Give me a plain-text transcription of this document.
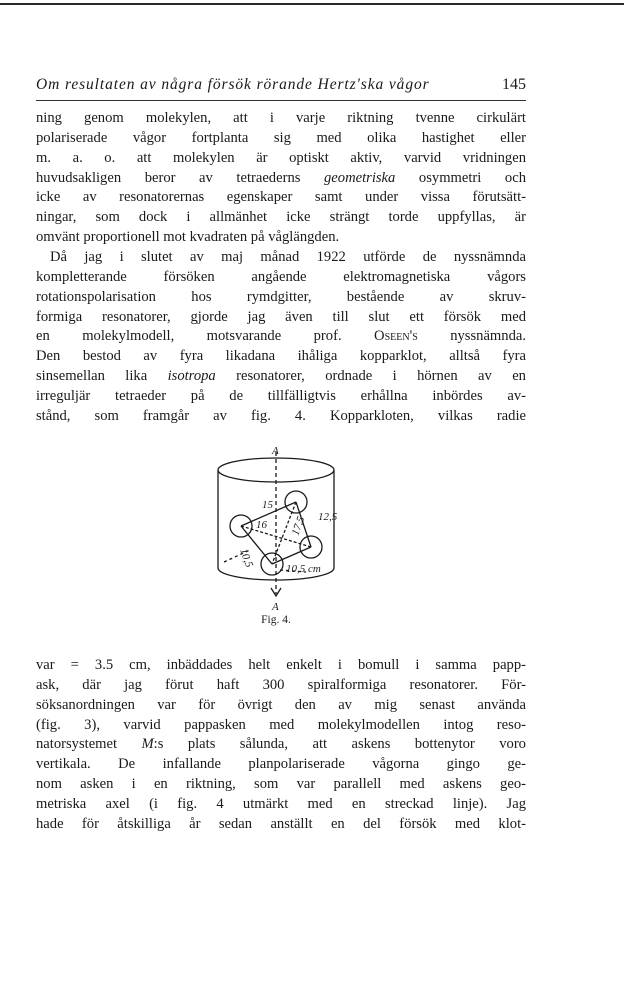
Om resultaten av några försök rörande Hertz'ska vågor	145
ning genom molekylen, att i varje riktning tvenne cirkulärt
polariserade vågor fortplanta sig med olika hastighet eller
m. a. o. att molekylen är optiskt aktiv, varvid vridningen
huvudsakligen beror av tetraederns geometriska osymmetri och
icke av resonatorernas egenskaper samt under vissa förutsätt-
ningar, som dock i allmänhet icke strängt torde uppfyllas, är
omvänt proportionell mot kvadraten på våglängden.
Då jag i slutet av maj månad 1922 utförde de nyssnämnda
kompletterande försöken angående elektromagnetiska vågors
rotationspolarisation hos rymdgitter, bestående av skruv-
formiga resonatorer, gjorde jag även till slut ett försök med
en molekylmodell, motsvarande prof. Oseen's nyssnämnda.
Den bestod av fyra likadana ihåliga kopparklot, alltså fyra
sinsemellan lika isotropa resonatorer, ordnade i hörnen av en
irreguljär tetraeder på de tillfälligtvis erhållna inbördes av-
stånd, som framgår av fig. 4. Kopparkloten, vilkas radie
A
A
15
16 17,5 12,5
10,5	10,5 cm
Fig. 4.
var = 3.5 cm, inbäddades helt enkelt i bomull i samma papp-
ask, där jag förut haft 300 spiralformiga resonatorer. För-
söksanordningen var för övrigt den av mig senast använda
(fig. 3), varvid pappasken med molekylmodellen intog reso-
natorsystemet M:s plats sålunda, att askens bottenytor voro
vertikala. De infallande planpolariserade vågorna gingo ge-
nom asken i en riktning, som var parallell med askens geo-
metriska axel (i fig. 4 utmärkt med en streckad linje). Jag
hade för åtskilliga år sedan anställt en del försök med klot-
